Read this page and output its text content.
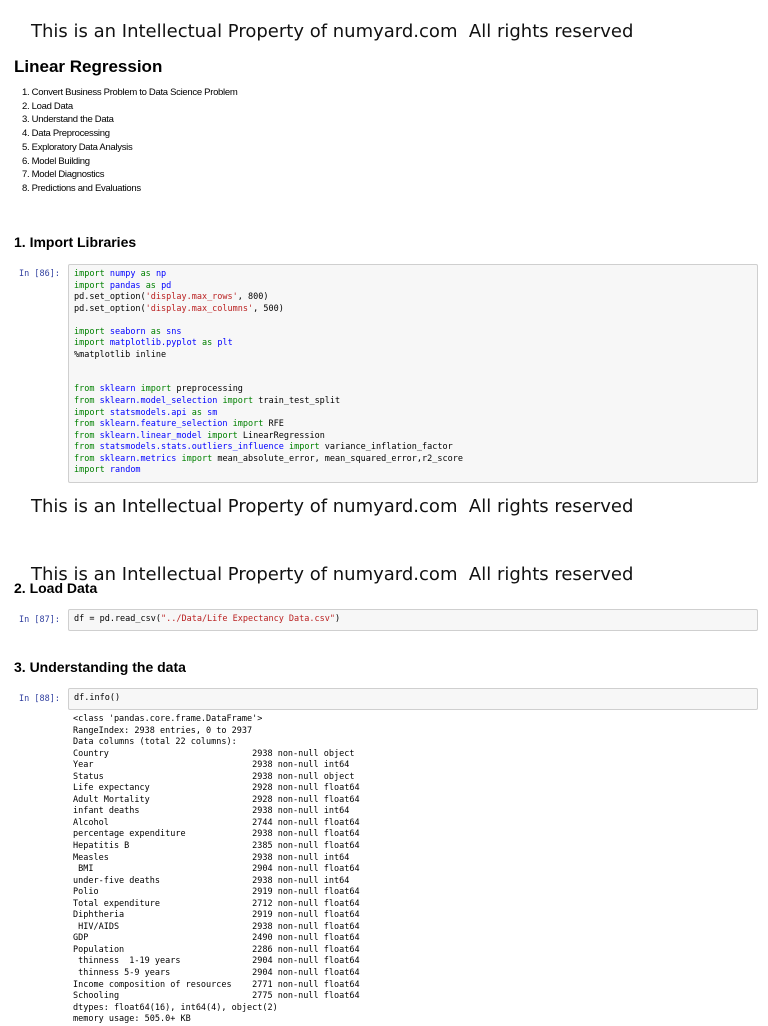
This is an Intellectual Property of numyard.com  All rights reserved
This is an Intellectual Property of numyard.com  All rights reserved
Linear Regression
1. Convert Business Problem to Data Science Problem
2. Load Data
3. Understand the Data
4. Data Preprocessing
5. Exploratory Data Analysis
6. Model Building
7. Model Diagnostics
8. Predictions and Evaluations
1. Import Libraries
In [86]:	import numpy as np
import pandas as pd
pd.set_option('display.max_rows', 800)
pd.set_option('display.max_columns', 500)

import seaborn as sns
import matplotlib.pyplot as plt
%matplotlib inline

from sklearn import preprocessing
from sklearn.model_selection import train_test_split
import statsmodels.api as sm
from sklearn.feature_selection import RFE
from sklearn.linear_model import LinearRegression
from statsmodels.stats.outliers_influence import variance_inflation_factor
from sklearn.metrics import mean_absolute_error, mean_squared_error,r2_score
import random
2. Load Data
This is an Intellectual Property of numyard.com  All rights reserved
In [87]:	df = pd.read_csv("../Data/Life Expectancy Data.csv")
3. Understanding the data
In [88]:	df.info()
<class 'pandas.core.frame.DataFrame'>
RangeIndex: 2938 entries, 0 to 2937
Data columns (total 22 columns):
Country                            2938 non-null object
Year                               2938 non-null int64
Status                             2938 non-null object
Life expectancy                    2928 non-null float64
Adult Mortality                    2928 non-null float64
infant deaths                      2938 non-null int64
Alcohol                            2744 non-null float64
percentage expenditure             2938 non-null float64
Hepatitis B                        2385 non-null float64
Measles                            2938 non-null int64
BMI                               2904 non-null float64
under-five deaths                  2938 non-null int64
Polio                              2919 non-null float64
Total expenditure                  2712 non-null float64
Diphtheria                         2919 non-null float64
HIV/AIDS                          2938 non-null float64
GDP                                2490 non-null float64
Population                         2286 non-null float64
thinness  1-19 years              2904 non-null float64
thinness 5-9 years                2904 non-null float64
Income composition of resources    2771 non-null float64
Schooling                          2775 non-null float64
dtypes: float64(16), int64(4), object(2)
memory usage: 505.0+ KB
